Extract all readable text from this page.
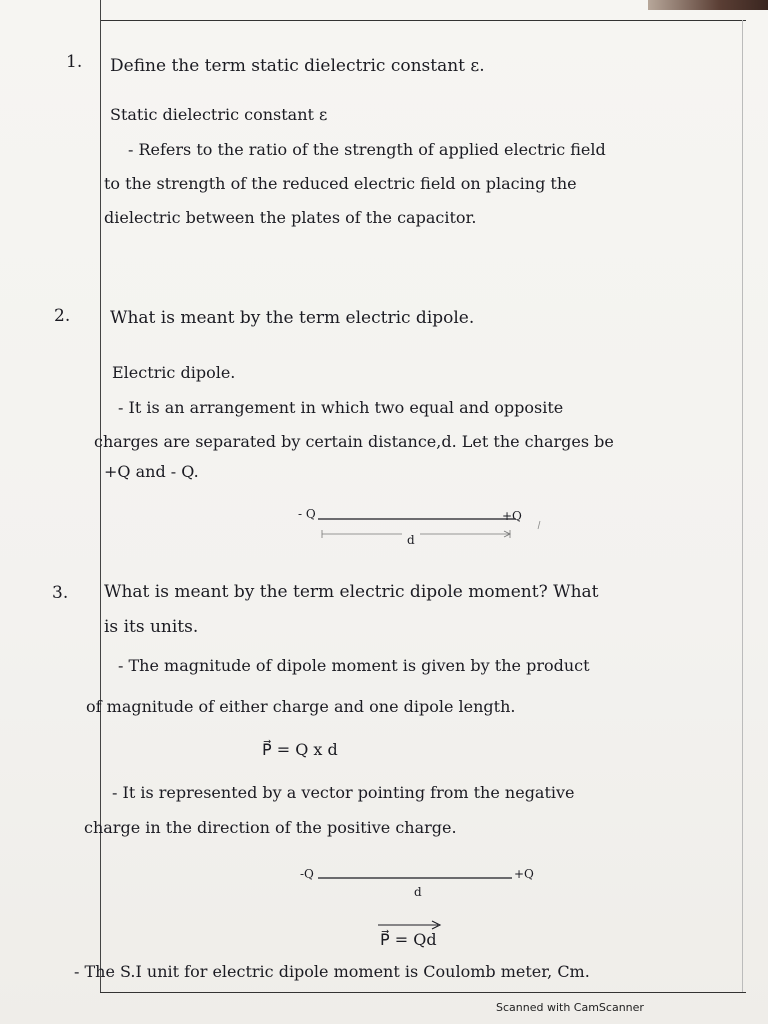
1. Define the term static dielectric constant ε.
Static dielectric constant ε
- Refers to the ratio of the strength of applied electric field
to the strength of the reduced electric field on placing the
dielectric between the plates of the capacitor.
2. What is meant by the term electric dipole.
Electric dipole.
- It is an arrangement in which two equal and opposite
charges are separated by certain distance,d. Let the charges be
+Q and - Q.
- Q	+Q
d
3. What is meant by the term electric dipole moment? What
is its units.
- The magnitude of dipole moment is given by the product
of magnitude of either charge and one dipole length.
P⃗ = Q x d
- It is represented by a vector pointing from the negative
charge in the direction of the positive charge.
-Q	+Q
d
P⃗ = Qd
- The S.I unit for electric dipole moment is Coulomb meter, Cm.
Scanned with CamScanner
